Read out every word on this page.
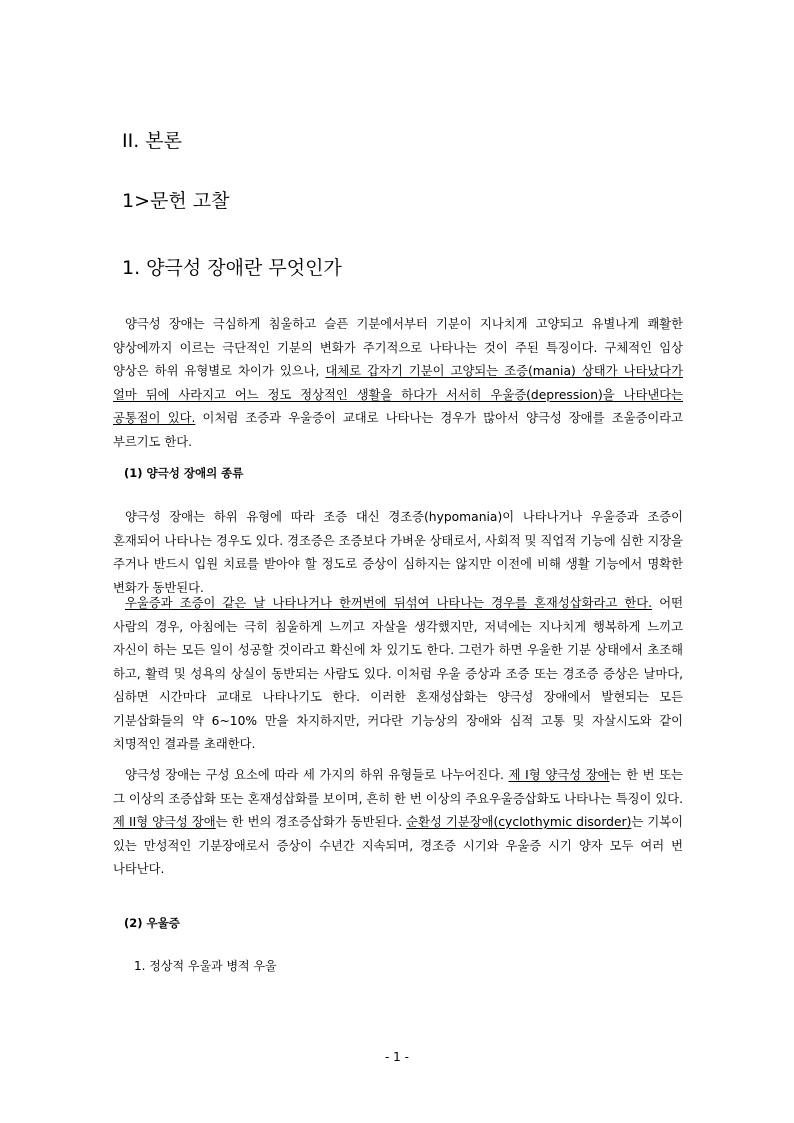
II. 본론
1>문헌 고찰
1. 양극성 장애란 무엇인가

양극성 장애는 극심하게 침울하고 슬픈 기분에서부터 기분이 지나치게 고양되고 유별나게 쾌활한 양상에까지 이르는 극단적인 기분의 변화가 주기적으로 나타나는 것이 주된 특징이다. 구체적인 임상 양상은 하위 유형별로 차이가 있으나, 대체로 갑자기 기분이 고양되는 조증(mania) 상태가 나타났다가 얼마 뒤에 사라지고 어느 정도 정상적인 생활을 하다가 서서히 우울증(depression)을 나타낸다는 공통점이 있다. 이처럼 조증과 우울증이 교대로 나타나는 경우가 많아서 양극성 장애를 조울증이라고 부르기도 한다.

(1) 양극성 장애의 종류

양극성 장애는 하위 유형에 따라 조증 대신 경조증(hypomania)이 나타나거나 우울증과 조증이 혼재되어 나타나는 경우도 있다. 경조증은 조증보다 가벼운 상태로서, 사회적 및 직업적 기능에 심한 지장을 주거나 반드시 입원 치료를 받아야 할 정도로 증상이 심하지는 않지만 이전에 비해 생활 기능에서 명확한 변화가 동반된다.

우울증과 조증이 같은 날 나타나거나 한꺼번에 뒤섞여 나타나는 경우를 혼재성삽화라고 한다. 어떤 사람의 경우, 아침에는 극히 침울하게 느끼고 자살을 생각했지만, 저녁에는 지나치게 행복하게 느끼고 자신이 하는 모든 일이 성공할 것이라고 확신에 차 있기도 한다. 그런가 하면 우울한 기분 상태에서 초조해 하고, 활력 및 성욕의 상실이 동반되는 사람도 있다. 이처럼 우울 증상과 조증 또는 경조증 증상은 날마다, 심하면 시간마다 교대로 나타나기도 한다. 이러한 혼재성삽화는 양극성 장애에서 발현되는 모든 기분삽화들의 약 6~10% 만을 차지하지만, 커다란 기능상의 장애와 심적 고통 및 자살시도와 같이 치명적인 결과를 초래한다.

양극성 장애는 구성 요소에 따라 세 가지의 하위 유형들로 나누어진다. 제 I형 양극성 장애는 한 번 또는 그 이상의 조증삽화 또는 혼재성삽화를 보이며, 흔히 한 번 이상의 주요우울증삽화도 나타나는 특징이 있다. 제 II형 양극성 장애는 한 번의 경조증삽화가 동반된다. 순환성 기분장애(cyclothymic disorder)는 기복이 있는 만성적인 기분장애로서 증상이 수년간 지속되며, 경조증 시기와 우울증 시기 양자 모두 여러 번 나타난다.

(2) 우울증
1. 정상적 우울과 병적 우울
- 1 -
